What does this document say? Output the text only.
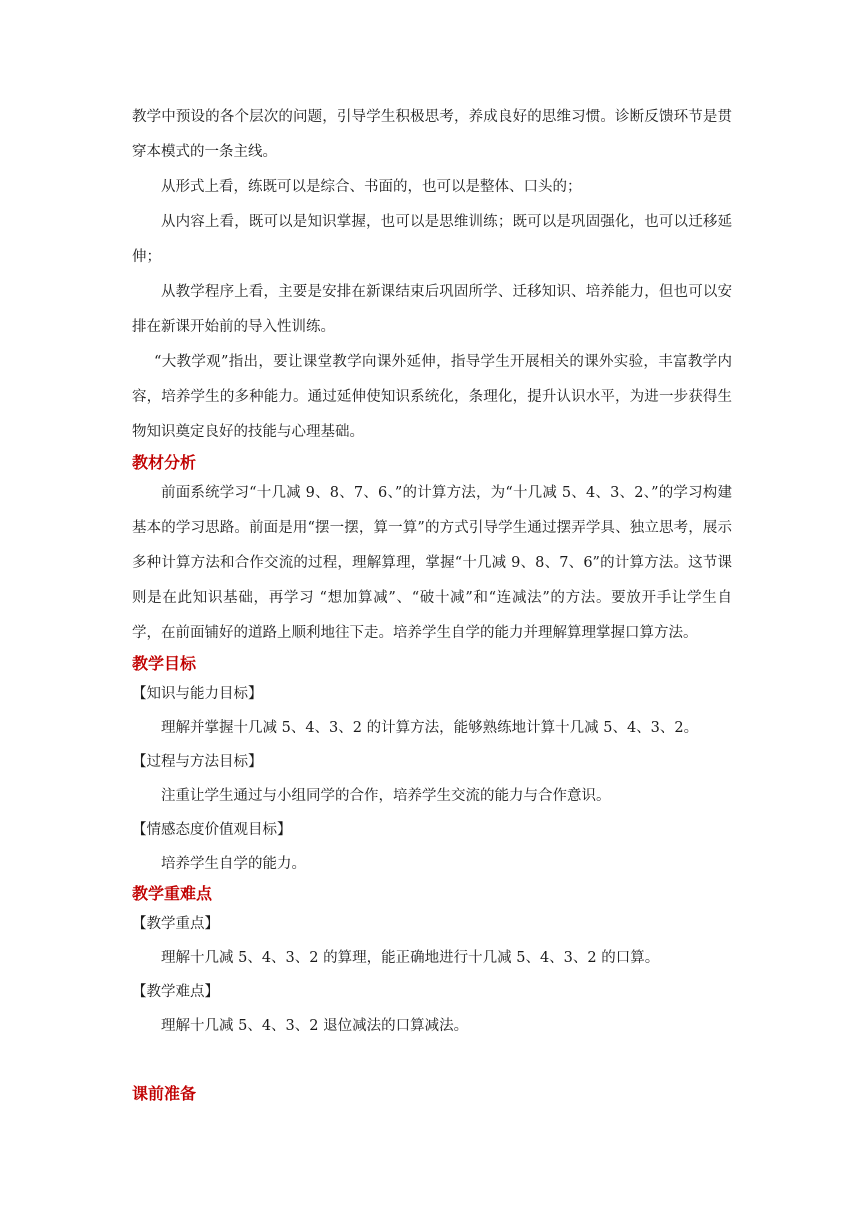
教学中预设的各个层次的问题，引导学生积极思考，养成良好的思维习惯。诊断反馈环节是贯穿本模式的一条主线。

从形式上看，练既可以是综合、书面的，也可以是整体、口头的；

从内容上看，既可以是知识掌握，也可以是思维训练；既可以是巩固强化，也可以迁移延伸；

从教学程序上看，主要是安排在新课结束后巩固所学、迁移知识、培养能力，但也可以安排在新课开始前的导入性训练。

“大教学观”指出，要让课堂教学向课外延伸，指导学生开展相关的课外实验，丰富教学内容，培养学生的多种能力。通过延伸使知识系统化，条理化，提升认识水平，为进一步获得生物知识奠定良好的技能与心理基础。

教材分析

前面系统学习“十几减 9、8、7、6、”的计算方法，为“十几减 5、4、3、2、”的学习构建基本的学习思路。前面是用“摆一摆，算一算”的方式引导学生通过摆弄学具、独立思考，展示多种计算方法和合作交流的过程，理解算理，掌握“十几减 9、8、7、6”的计算方法。这节课则是在此知识基础，再学习 “想加算减”、“破十减”和“连减法”的方法。要放开手让学生自学，在前面铺好的道路上顺利地往下走。培养学生自学的能力并理解算理掌握口算方法。

教学目标

【知识与能力目标】

理解并掌握十几减 5、4、3、2 的计算方法，能够熟练地计算十几减 5、4、3、2。

【过程与方法目标】

注重让学生通过与小组同学的合作，培养学生交流的能力与合作意识。

【情感态度价值观目标】

培养学生自学的能力。

教学重难点

【教学重点】

理解十几减 5、4、3、2 的算理，能正确地进行十几减 5、4、3、2 的口算。

【教学难点】

理解十几减 5、4、3、2 退位减法的口算减法。

课前准备
